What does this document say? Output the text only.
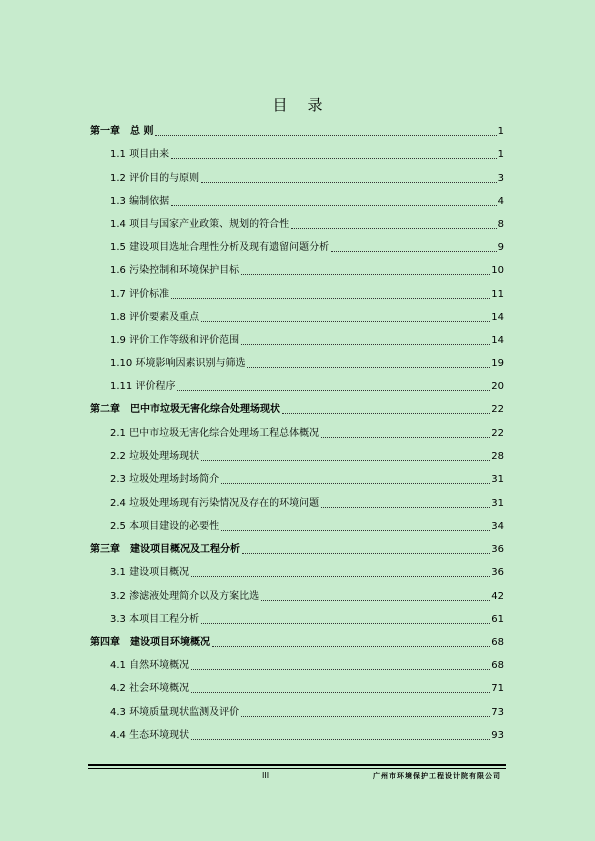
目 录
第一章　总 则	1
1.1 项目由来	1
1.2 评价目的与原则	3
1.3 编制依据	4
1.4 项目与国家产业政策、规划的符合性	8
1.5 建设项目选址合理性分析及现有遗留问题分析	9
1.6 污染控制和环境保护目标	10
1.7 评价标准	11
1.8 评价要素及重点	14
1.9 评价工作等级和评价范围	14
1.10 环境影响因素识别与筛选	19
1.11 评价程序	20
第二章　巴中市垃圾无害化综合处理场现状	22
2.1 巴中市垃圾无害化综合处理场工程总体概况	22
2.2 垃圾处理场现状	28
2.3 垃圾处理场封场简介	31
2.4 垃圾处理场现有污染情况及存在的环境问题	31
2.5 本项目建设的必要性	34
第三章　建设项目概况及工程分析	36
3.1 建设项目概况	36
3.2 渗滤液处理简介以及方案比选	42
3.3 本项目工程分析	61
第四章　建设项目环境概况	68
4.1 自然环境概况	68
4.2 社会环境概况	71
4.3 环境质量现状监测及评价	73
4.4 生态环境现状	93
III	广州市环境保护工程设计院有限公司
